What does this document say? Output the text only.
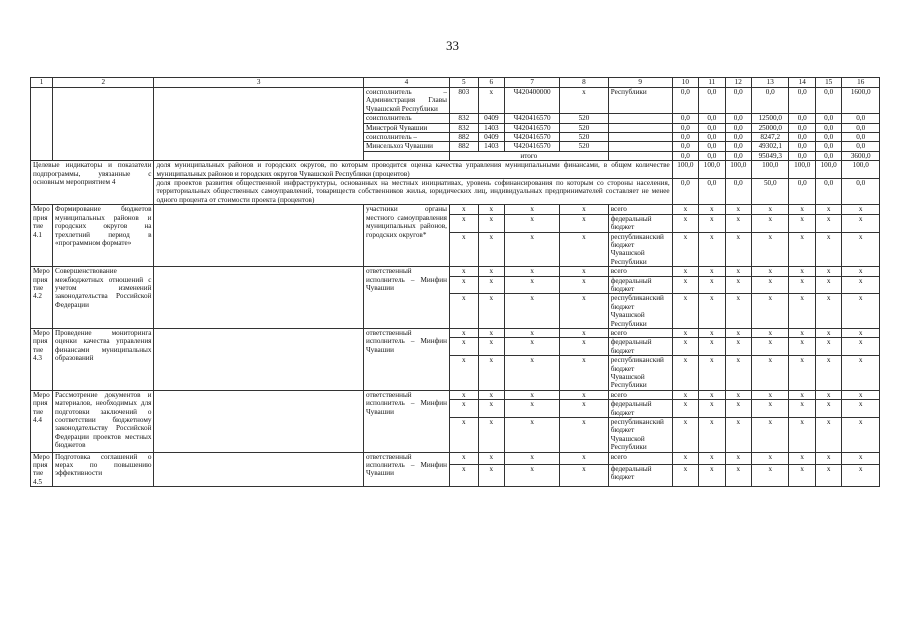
33
1	2	3	4	5	6	7	8	9	10	11	12	13	14	15	16
			соисполнитель – Администрация Главы Чувашской Республики	803	х	Ч420400000	х	Республики	0,0	0,0	0,0	0,0	0,0	0,0	1600,0
			соисполнитель	832	0409	Ч420416570	520		0,0	0,0	0,0	12500,0	0,0	0,0	0,0
			Минстрой Чувашии	832	1403	Ч420416570	520		0,0	0,0	0,0	25000,0	0,0	0,0	0,0
			соисполнитель –	882	0409	Ч420416570	520		0,0	0,0	0,0	8247,2	0,0	0,0	0,0
			Минсельхоз Чувашии	882	1403	Ч420416570	520		0,0	0,0	0,0	49302,1	0,0	0,0	0,0
				итого					0,0	0,0	0,0	95049,3	0,0	0,0	3600,0
Целевые индикаторы и показатели подпрограммы, увязанные с основным мероприятием 4		доля муниципальных районов и городских округов, по которым проводится оценка качества управления муниципальными финансами, в общем количестве муниципальных районов и городских округов Чувашской Республики (процентов)							100,0	100,0	100,0	100,0	100,0	100,0	100,0
		доля проектов развития общественной инфраструктуры, основанных на местных инициативах, уровень софинансирования по которым со стороны населения, территориальных общественных самоуправлений, товариществ собственников жилья, юридических лиц, индивидуальных предпринимателей составляет не менее одного процента от стоимости проекта (процентов)							0,0	0,0	0,0	50,0	0,0	0,0	0,0
Мероприятие 4.1	Формирование бюджетов муниципальных районов и городских округов на трехлетний период в «программном формате»		участники органы местного самоуправления муниципальных районов, городских округов*	х	х	х	х	всего	х	х	х	х	х	х	х
				х	х	х	х	федеральный бюджет	х	х	х	х	х	х	х
				х	х	х	х	республиканский бюджет Чувашской Республики	х	х	х	х	х	х	х
Мероприятие 4.2	Совершенствование межбюджетных отношений с учетом изменений законодательства Российской Федерации		ответственный исполнитель – Минфин Чувашии	х	х	х	х	всего	х	х	х	х	х	х	х
				х	х	х	х	федеральный бюджет	х	х	х	х	х	х	х
				х	х	х	х	республиканский бюджет Чувашской Республики	х	х	х	х	х	х	х
Мероприятие 4.3	Проведение мониторинга оценки качества управления финансами муниципальных образований		ответственный исполнитель – Минфин Чувашии	х	х	х	х	всего	х	х	х	х	х	х	х
				х	х	х	х	федеральный бюджет	х	х	х	х	х	х	х
				х	х	х	х	республиканский бюджет Чувашской Республики	х	х	х	х	х	х	х
Мероприятие 4.4	Рассмотрение документов и материалов, необходимых для подготовки заключений о соответствии бюджетному законодательству Российской Федерации проектов местных бюджетов		ответственный исполнитель – Минфин Чувашии	х	х	х	х	всего	х	х	х	х	х	х	х
				х	х	х	х	федеральный бюджет	х	х	х	х	х	х	х
				х	х	х	х	республиканский бюджет Чувашской Республики	х	х	х	х	х	х	х
Мероприятие 4.5	Подготовка соглашений о мерах по повышению эффективности		ответственный исполнитель – Минфин Чувашии	х	х	х	х	всего	х	х	х	х	х	х	х
				х	х	х	х	федеральный бюджет	х	х	х	х	х	х	х
